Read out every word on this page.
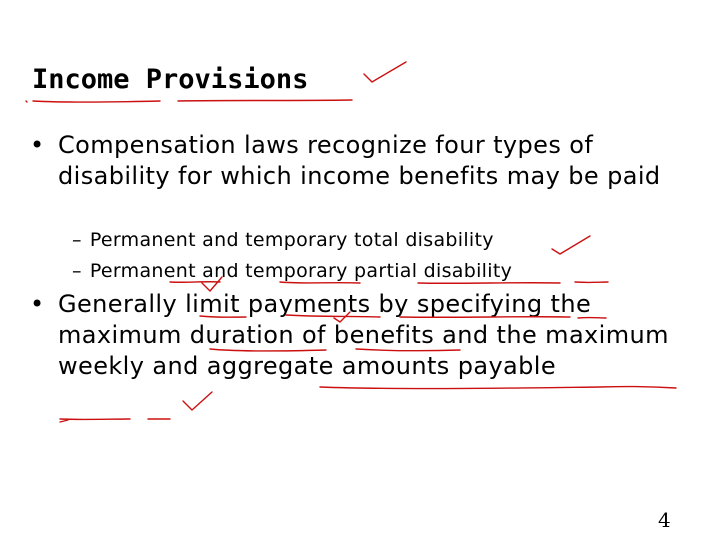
Income Provisions
• Compensation laws recognize four types of disability for which income benefits may be paid
– Permanent and temporary total disability
– Permanent and temporary partial disability
• Generally limit payments by specifying the maximum duration of benefits and the maximum weekly and aggregate amounts payable
4
